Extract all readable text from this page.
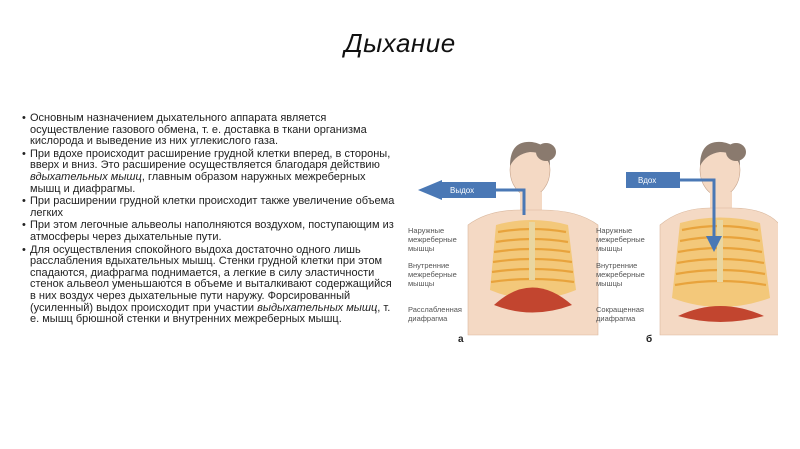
Дыхание
• Основным назначением дыхательного аппарата является осуществление газового обмена, т. е. доставка в ткани организма кислорода и выведение из них углекислого газа.
• При вдохе происходит расширение грудной клетки вперед, в стороны, вверх и вниз. Это расширение осуществляется благодаря действию вдыхательных мышц, главным образом наружных межреберных мышц и диафрагмы.
• При расширении грудной клетки происходит также увеличение объема легких
• При этом легочные альвеолы наполняются воздухом, поступающим из атмосферы через дыхательные пути.
• Для осуществления спокойного выдоха достаточно одного лишь расслабления вдыхательных мышц. Стенки грудной клетки при этом спадаются, диафрагма поднимается, а легкие в силу эластичности стенок альвеол уменьшаются в объеме и выталкивают содержащийся в них воздух через дыхательные пути наружу. Форсированный (усиленный) выдох происходит при участии выдыхательных мышц, т. е. мышц брюшной стенки и внутренних межреберных мышц.
Выдох
Наружные
межреберные
мышцы
Внутренние
межреберные
мышцы
Расслабленная
диафрагма
а
Вдох
Наружные
межреберные
мышцы
Внутренние
межреберные
мышцы
Сокращенная
диафрагма
б
